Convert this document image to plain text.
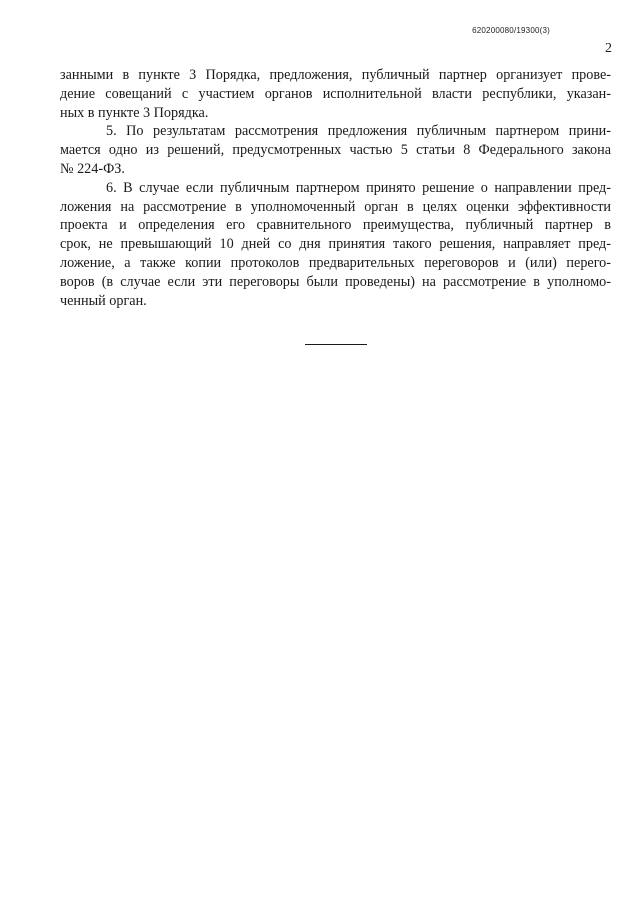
620200080/19300(3)
2
занными в пункте 3 Порядка, предложения, публичный партнер организует прове-
дение совещаний с участием органов исполнительной власти республики, указан-
ных в пункте 3 Порядка.
5. По результатам рассмотрения предложения публичным партнером прини-
мается одно из решений, предусмотренных частью 5 статьи 8 Федерального закона
№ 224-ФЗ.
6. В случае если публичным партнером принято решение о направлении пред-
ложения на рассмотрение в уполномоченный орган в целях оценки эффективности
проекта и определения его сравнительного преимущества, публичный партнер в
срок, не превышающий 10 дней со дня принятия такого решения, направляет пред-
ложение, а также копии протоколов предварительных переговоров и (или) перего-
воров (в случае если эти переговоры были проведены) на рассмотрение в уполномо-
ченный орган.
